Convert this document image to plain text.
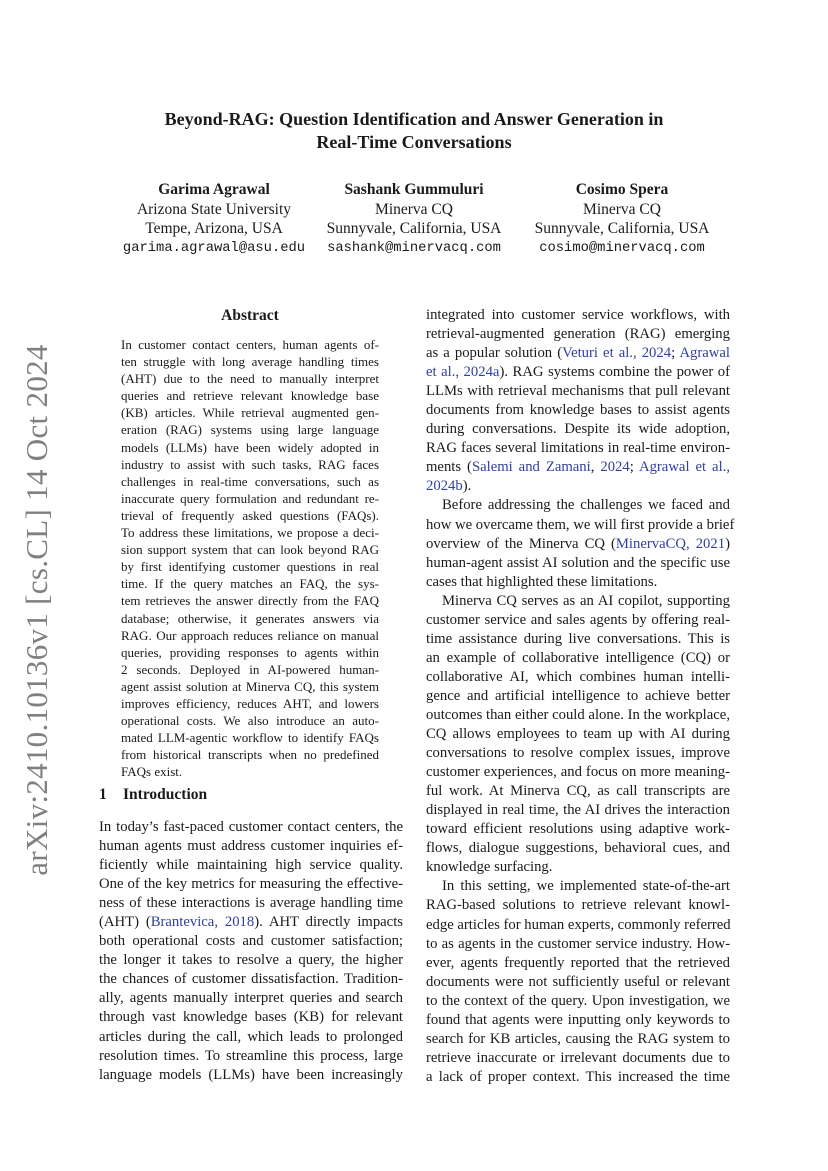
arXiv:2410.10136v1 [cs.CL] 14 Oct 2024
Beyond-RAG: Question Identification and Answer Generation in
Real-Time Conversations
Garima Agrawal
Arizona State University
Tempe, Arizona, USA
garima.agrawal@asu.edu
Sashank Gummuluri
Minerva CQ
Sunnyvale, California, USA
sashank@minervacq.com
Cosimo Spera
Minerva CQ
Sunnyvale, California, USA
cosimo@minervacq.com
Abstract
In customer contact centers, human agents of-
ten struggle with long average handling times
(AHT) due to the need to manually interpret
queries and retrieve relevant knowledge base
(KB) articles. While retrieval augmented gen-
eration (RAG) systems using large language
models (LLMs) have been widely adopted in
industry to assist with such tasks, RAG faces
challenges in real-time conversations, such as
inaccurate query formulation and redundant re-
trieval of frequently asked questions (FAQs).
To address these limitations, we propose a deci-
sion support system that can look beyond RAG
by first identifying customer questions in real
time. If the query matches an FAQ, the sys-
tem retrieves the answer directly from the FAQ
database; otherwise, it generates answers via
RAG. Our approach reduces reliance on manual
queries, providing responses to agents within
2 seconds. Deployed in AI-powered human-
agent assist solution at Minerva CQ, this system
improves efficiency, reduces AHT, and lowers
operational costs. We also introduce an auto-
mated LLM-agentic workflow to identify FAQs
from historical transcripts when no predefined
FAQs exist.
1 Introduction
In today’s fast-paced customer contact centers, the
human agents must address customer inquiries ef-
ficiently while maintaining high service quality.
One of the key metrics for measuring the effective-
ness of these interactions is average handling time
(AHT) (Brantevica, 2018). AHT directly impacts
both operational costs and customer satisfaction;
the longer it takes to resolve a query, the higher
the chances of customer dissatisfaction. Tradition-
ally, agents manually interpret queries and search
through vast knowledge bases (KB) for relevant
articles during the call, which leads to prolonged
resolution times. To streamline this process, large
language models (LLMs) have been increasingly
integrated into customer service workflows, with
retrieval-augmented generation (RAG) emerging
as a popular solution (Veturi et al., 2024; Agrawal
et al., 2024a). RAG systems combine the power of
LLMs with retrieval mechanisms that pull relevant
documents from knowledge bases to assist agents
during conversations. Despite its wide adoption,
RAG faces several limitations in real-time environ-
ments (Salemi and Zamani, 2024; Agrawal et al.,
2024b).
Before addressing the challenges we faced and
how we overcame them, we will first provide a brief
overview of the Minerva CQ (MinervaCQ, 2021)
human-agent assist AI solution and the specific use
cases that highlighted these limitations.
Minerva CQ serves as an AI copilot, supporting
customer service and sales agents by offering real-
time assistance during live conversations. This is
an example of collaborative intelligence (CQ) or
collaborative AI, which combines human intelli-
gence and artificial intelligence to achieve better
outcomes than either could alone. In the workplace,
CQ allows employees to team up with AI during
conversations to resolve complex issues, improve
customer experiences, and focus on more meaning-
ful work. At Minerva CQ, as call transcripts are
displayed in real time, the AI drives the interaction
toward efficient resolutions using adaptive work-
flows, dialogue suggestions, behavioral cues, and
knowledge surfacing.
In this setting, we implemented state-of-the-art
RAG-based solutions to retrieve relevant knowl-
edge articles for human experts, commonly referred
to as agents in the customer service industry. How-
ever, agents frequently reported that the retrieved
documents were not sufficiently useful or relevant
to the context of the query. Upon investigation, we
found that agents were inputting only keywords to
search for KB articles, causing the RAG system to
retrieve inaccurate or irrelevant documents due to
a lack of proper context. This increased the time
